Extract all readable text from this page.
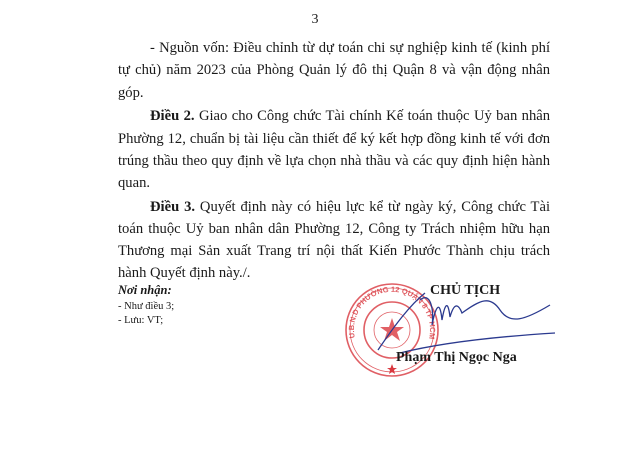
3
- Nguồn vốn: Điều chỉnh từ dự toán chi sự nghiệp kinh tế (kinh phí
tự chủ) năm 2023 của Phòng Quản lý đô thị Quận 8 và vận động nhân
góp.
Điều 2. Giao cho Công chức Tài chính Kế toán thuộc Uỷ ban nhân
Phường 12, chuẩn bị tài liệu cần thiết để ký kết hợp đồng kinh tế với đơn
trúng thầu theo quy định về lựa chọn nhà thầu và các quy định hiện hành
quan.
Điều 3. Quyết định này có hiệu lực kể từ ngày ký, Công chức Tài
toán thuộc Uỷ ban nhân dân Phường 12, Công ty Trách nhiệm hữu hạn
Thương mại Sản xuất Trang trí nội thất Kiến Phước Thành chịu trách
hành Quyết định này./.
Nơi nhận:
- Như điều 3;
- Lưu: VT;
U.B.N.D PHƯỜNG 12 QUẬN 8 TP HCM
CHỦ TỊCH
Phạm Thị Ngọc Nga
